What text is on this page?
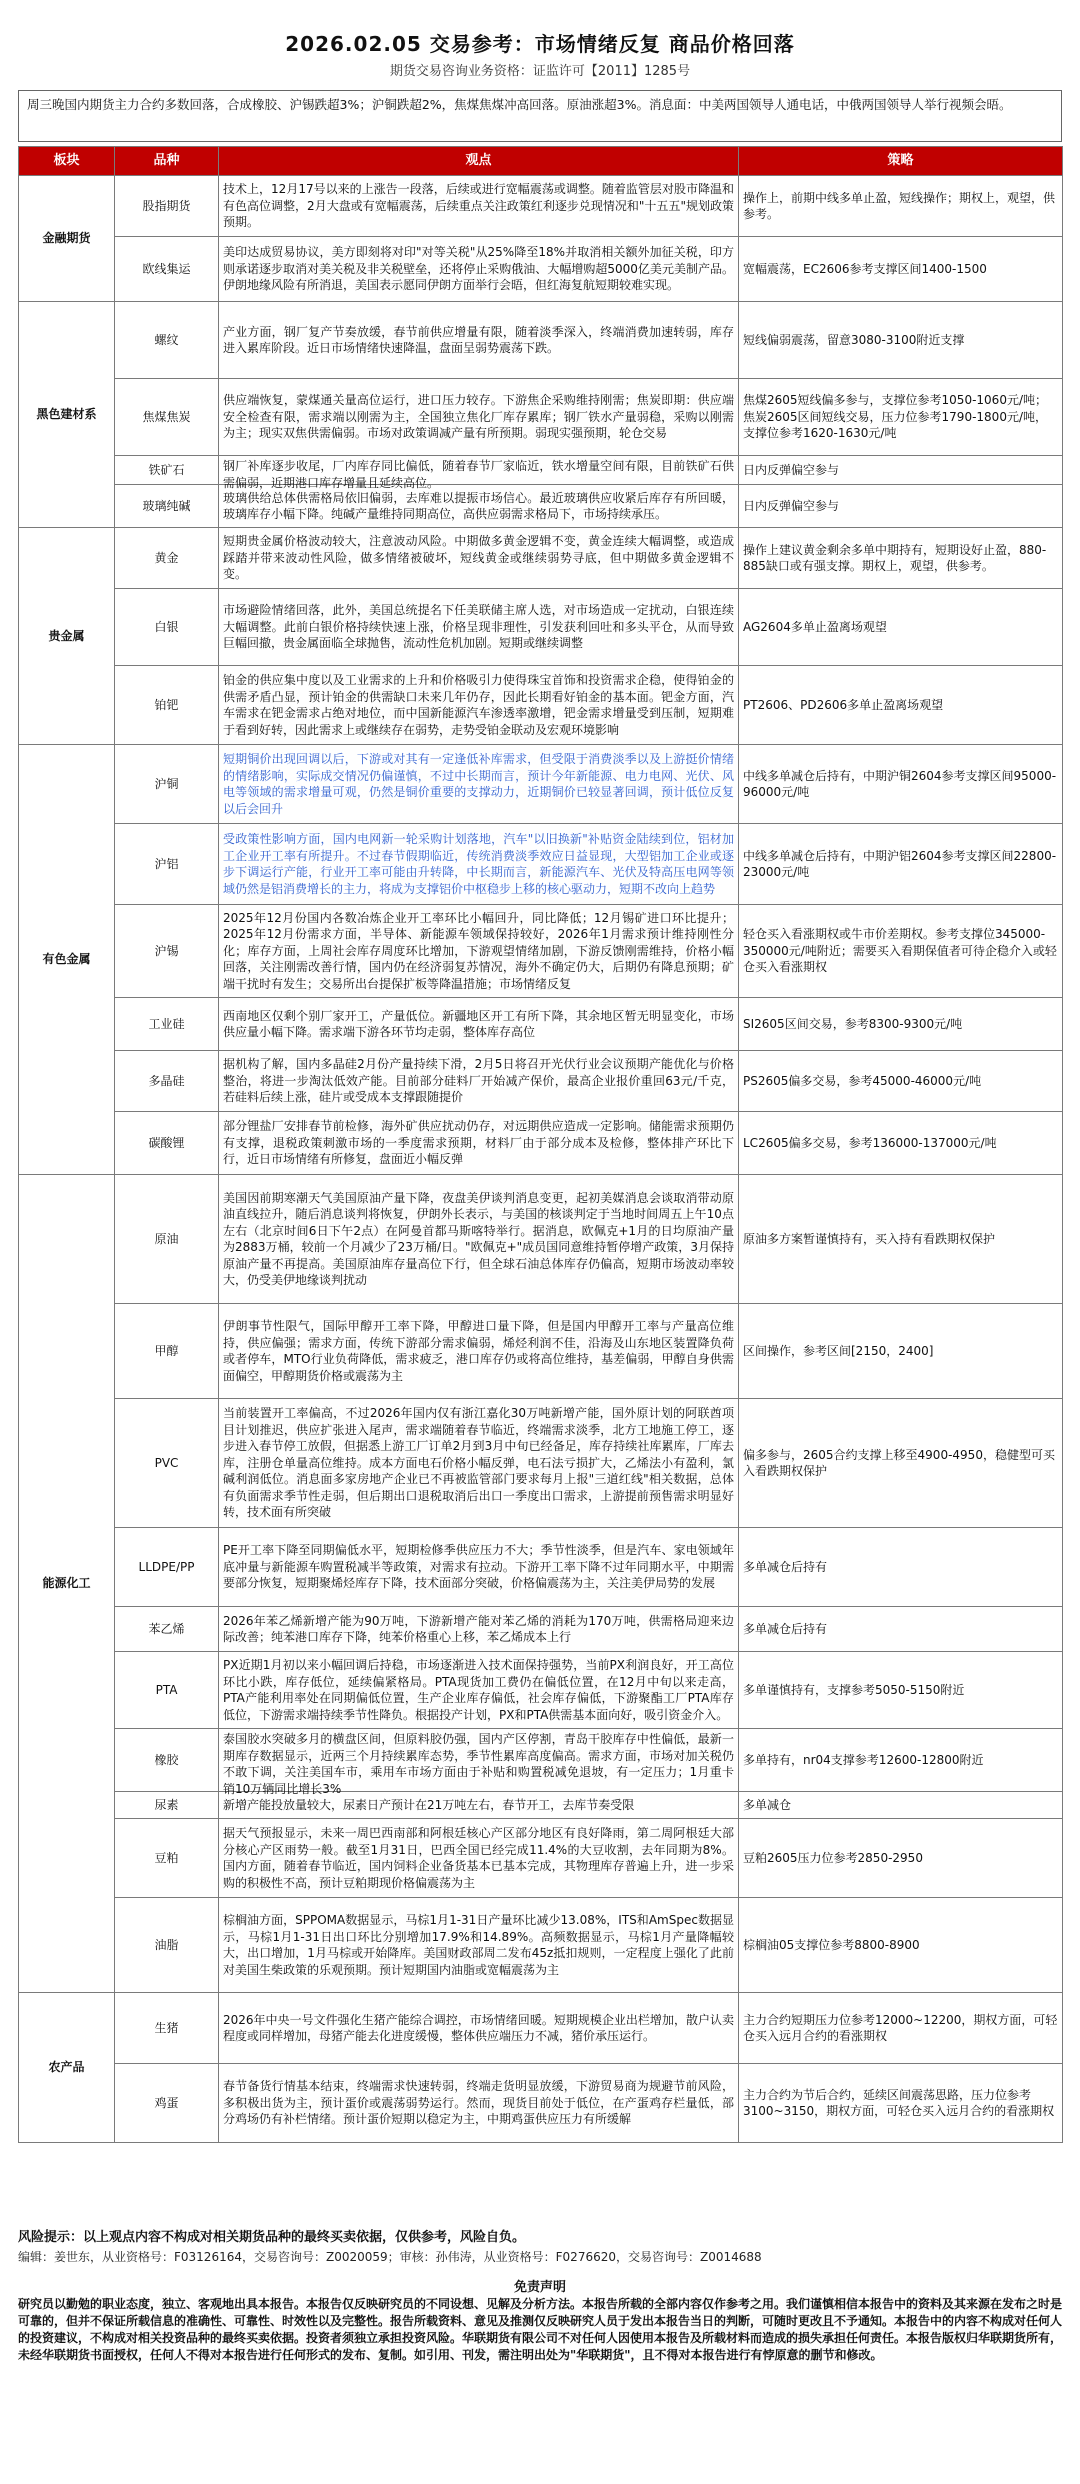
2026.02.05 交易参考：市场情绪反复 商品价格回落
期货交易咨询业务资格：证监许可【2011】1285号
周三晚国内期货主力合约多数回落，合成橡胶、沪锡跌超3%；沪铜跌超2%，焦煤焦煤冲高回落。原油涨超3%。消息面：中美两国领导人通电话，中俄两国领导人举行视频会晤。
板块	品种	观点	策略
金融期货	股指期货	技术上，12月17号以来的上涨告一段落，后续或进行宽幅震荡或调整。随着监管层对股市降温和有色高位调整，2月大盘或有宽幅震荡，后续重点关注政策红利逐步兑现情况和"十五五"规划政策预期。	操作上，前期中线多单止盈，短线操作；期权上，观望，供参考。
	欧线集运	美印达成贸易协议，美方即刻将对印"对等关税"从25%降至18%并取消相关额外加征关税，印方则承诺逐步取消对美关税及非关税壁垒，还将停止采购俄油、大幅增购超5000亿美元美制产品。伊朗地缘风险有所消退，美国表示愿同伊朗方面举行会晤，但红海复航短期较难实现。	宽幅震荡，EC2606参考支撑区间1400-1500
黑色建材系	螺纹	产业方面，钢厂复产节奏放缓，春节前供应增量有限，随着淡季深入，终端消费加速转弱，库存进入累库阶段。近日市场情绪快速降温，盘面呈弱势震荡下跌。	短线偏弱震荡，留意3080-3100附近支撑
	焦煤焦炭	供应端恢复，蒙煤通关量高位运行，进口压力较存。下游焦企采购维持刚需；焦炭即期：供应端安全检查有限，需求端以刚需为主，全国独立焦化厂库存累库；钢厂铁水产量弱稳，采购以刚需为主；现实双焦供需偏弱。市场对政策调减产量有所预期。弱现实强预期，轮仓交易	焦煤2605短线偏多参与，支撑位参考1050-1060元/吨；焦炭2605区间短线交易，压力位参考1790-1800元/吨，支撑位参考1620-1630元/吨
	铁矿石	钢厂补库逐步收尾，厂内库存同比偏低，随着春节厂家临近，铁水增量空间有限，目前铁矿石供需偏弱，近期港口库存增量且延续高位。	日内反弹偏空参与
	玻璃纯碱	玻璃供给总体供需格局依旧偏弱，去库难以提振市场信心。最近玻璃供应收紧后库存有所回暖，玻璃库存小幅下降。纯碱产量维持同期高位，高供应弱需求格局下，市场持续承压。	日内反弹偏空参与
贵金属	黄金	短期贵金属价格波动较大，注意波动风险。中期做多黄金逻辑不变，黄金连续大幅调整，或造成踩踏并带来波动性风险，做多情绪被破坏，短线黄金或继续弱势寻底，但中期做多黄金逻辑不变。	操作上建议黄金剩余多单中期持有，短期设好止盈，880-885缺口或有强支撑。期权上，观望，供参考。
	白银	市场避险情绪回落，此外，美国总统提名下任美联储主席人选，对市场造成一定扰动，白银连续大幅调整。此前白银价格持续快速上涨，价格呈现非理性，引发获利回吐和多头平仓，从而导致巨幅回撤，贵金属面临全球抛售，流动性危机加剧。短期或继续调整	AG2604多单止盈离场观望
	铂钯	铂金的供应集中度以及工业需求的上升和价格吸引力使得珠宝首饰和投资需求企稳，使得铂金的供需矛盾凸显，预计铂金的供需缺口未来几年仍存，因此长期看好铂金的基本面。钯金方面，汽车需求在钯金需求占绝对地位，而中国新能源汽车渗透率激增，钯金需求增量受到压制，短期难于看到好转，因此需求上或继续存在弱势，走势受铂金联动及宏观环境影响	PT2606、PD2606多单止盈离场观望
有色金属	沪铜	短期铜价出现回调以后，下游或对其有一定逢低补库需求，但受限于消费淡季以及上游挺价情绪的情绪影响，实际成交情况仍偏谨慎，不过中长期而言，预计今年新能源、电力电网、光伏、风电等领域的需求增量可观，仍然是铜价重要的支撑动力，近期铜价已较显著回调，预计低位反复以后会回升	中线多单减仓后持有，中期沪铜2604参考支撑区间95000-96000元/吨
	沪铝	受政策性影响方面，国内电网新一轮采购计划落地，汽车"以旧换新"补贴资金陆续到位，铝材加工企业开工率有所提升。不过春节假期临近，传统消费淡季效应日益显现，大型铝加工企业或逐步下调运行产能，行业开工率可能由升转降，中长期而言，新能源汽车、光伏及特高压电网等领域仍然是铝消费增长的主力，将成为支撑铝价中枢稳步上移的核心驱动力，短期不改向上趋势	中线多单减仓后持有，中期沪铝2604参考支撑区间22800-23000元/吨
	沪锡	2025年12月份国内各数冶炼企业开工率环比小幅回升，同比降低；12月锡矿进口环比提升；2025年12月份需求方面，半导体、新能源车领域保持较好，2026年1月需求预计维持刚性分化；库存方面，上周社会库存周度环比增加，下游观望情绪加剧，下游反馈刚需维持，价格小幅回落，关注刚需改善行情，国内仍在经济弱复苏情况，海外不确定仍大，后期仍有降息预期；矿端干扰时有发生；交易所出台提保扩板等降温措施；市场情绪反复	轻仓买入看涨期权或牛市价差期权。参考支撑位345000-350000元/吨附近；需要买入看期保值者可待企稳介入或轻仓买入看涨期权
	工业硅	西南地区仅剩个别厂家开工，产量低位。新疆地区开工有所下降，其余地区暂无明显变化，市场供应量小幅下降。需求端下游各环节均走弱，整体库存高位	SI2605区间交易，参考8300-9300元/吨
	多晶硅	据机构了解，国内多晶硅2月份产量持续下滑，2月5日将召开光伏行业会议预期产能优化与价格整治，将进一步淘汰低效产能。目前部分硅料厂开始减产保价，最高企业报价重回63元/千克，若硅料后续上涨，硅片或受成本支撑跟随提价	PS2605偏多交易，参考45000-46000元/吨
	碳酸锂	部分锂盐厂安排春节前检修，海外矿供应扰动仍存，对远期供应造成一定影响。储能需求预期仍有支撑，退税政策刺激市场的一季度需求预期，材料厂由于部分成本及检修，整体排产环比下行，近日市场情绪有所修复，盘面近小幅反弹	LC2605偏多交易，参考136000-137000元/吨
能源化工	原油	美国因前期寒潮天气美国原油产量下降，夜盘美伊谈判消息变更，起初美媒消息会谈取消带动原油直线拉升，随后消息谈判将恢复，伊朗外长表示，与美国的核谈判定于当地时间周五上午10点左右（北京时间6日下午2点）在阿曼首都马斯喀特举行。据消息，欧佩克+1月的日均原油产量为2883万桶，较前一个月减少了23万桶/日。"欧佩克+"成员国同意维持暂停增产政策，3月保持原油产量不再提高。美国原油库存量高位下行，但全球石油总体库存仍偏高，短期市场波动率较大，仍受美伊地缘谈判扰动	原油多方案暂谨慎持有，买入持有看跌期权保护
	甲醇	伊朗事节性限气，国际甲醇开工率下降，甲醇进口量下降，但是国内甲醇开工率与产量高位维持，供应偏强；需求方面，传统下游部分需求偏弱，烯烃利润不佳，沿海及山东地区装置降负荷或者停车，MTO行业负荷降低，需求疲乏，港口库存仍或将高位维持，基差偏弱，甲醇自身供需面偏空，甲醇期货价格或震荡为主	区间操作，参考区间[2150，2400]
	PVC	当前装置开工率偏高，不过2026年国内仅有浙江嘉化30万吨新增产能，国外原计划的阿联酋项目计划推迟，供应扩张进入尾声，需求端随着春节临近，终端需求淡季，北方工地施工停工，逐步进入春节停工放假，但据悉上游工厂订单2月到3月中旬已经备足，库存持续社库累库，厂库去库，注册仓单量高位维持。成本方面电石价格小幅反弹，电石法亏损扩大，乙烯法小有盈利，氯碱利润低位。消息面多家房地产企业已不再被监管部门要求每月上报"三道红线"相关数据，总体有负面需求季节性走弱，但后期出口退税取消后出口一季度出口需求，上游提前预售需求明显好转，技术面有所突破	偏多参与，2605合约支撑上移至4900-4950，稳健型可买入看跌期权保护
	LLDPE/PP	PE开工率下降至同期偏低水平，短期检修季供应压力不大；季节性淡季，但是汽车、家电领域年底冲量与新能源车购置税减半等政策，对需求有拉动。下游开工率下降不过年同期水平，中期需要部分恢复，短期聚烯烃库存下降，技术面部分突破，价格偏震荡为主，关注美伊局势的发展	多单减仓后持有
	苯乙烯	2026年苯乙烯新增产能为90万吨，下游新增产能对苯乙烯的消耗为170万吨，供需格局迎来边际改善；纯苯港口库存下降，纯苯价格重心上移，苯乙烯成本上行	多单减仓后持有
	PTA	PX近期1月初以来小幅回调后持稳，市场逐渐进入技术面保持强势，当前PX利润良好，开工高位环比小跌，库存低位，延续偏紧格局。PTA现货加工费仍在偏低位置，在12月中旬以来走高，PTA产能利用率处在同期偏低位置，生产企业库存偏低，社会库存偏低，下游聚酯工厂PTA库存低位，下游需求端持续季节性降负。根据投产计划，PX和PTA供需基本面向好，吸引资金介入。	多单谨慎持有，支撑参考5050-5150附近
	橡胶	泰国胶水突破多月的横盘区间，但原料胶仍强，国内产区停割，青岛干胶库存中性偏低，最新一期库存数据显示，近两三个月持续累库态势，季节性累库高度偏高。需求方面，市场对加关税仍不敢下调，关注美国车市，乘用车市场方面由于补贴和购置税减免退坡，有一定压力；1月重卡销10万辆同比增长3%	多单持有，nr04支撑参考12600-12800附近
	尿素	新增产能投放量较大，尿素日产预计在21万吨左右，春节开工，去库节奏受限	多单减仓
	豆粕	据天气预报显示，未来一周巴西南部和阿根廷核心产区部分地区有良好降雨，第二周阿根廷大部分核心产区雨势一般。截至1月31日，巴西全国已经完成11.4%的大豆收割，去年同期为8%。国内方面，随着春节临近，国内饲料企业备货基本已基本完成，其物理库存普遍上升，进一步采购的积极性不高，预计豆粕期现价格偏震荡为主	豆粕2605压力位参考2850-2950
	油脂	棕榈油方面，SPPOMA数据显示，马棕1月1-31日产量环比减少13.08%，ITS和AmSpec数据显示，马棕1月1-31日出口环比分别增加17.9%和14.89%。高频数据显示，马棕1月产量降幅较大，出口增加，1月马棕或开始降库。美国财政部周二发布45z抵扣规则，一定程度上强化了此前对美国生柴政策的乐观预期。预计短期国内油脂或宽幅震荡为主	棕榈油05支撑位参考8800-8900
农产品	生猪	2026年中央一号文件强化生猪产能综合调控，市场情绪回暖。短期规模企业出栏增加，散户认卖程度或同样增加，母猪产能去化进度缓慢，整体供应端压力不减，猪价承压运行。	主力合约短期压力位参考12000~12200，期权方面，可轻仓买入远月合约的看涨期权
	鸡蛋	春节备货行情基本结束，终端需求快速转弱，终端走货明显放缓，下游贸易商为规避节前风险，多积极出货为主，预计蛋价或震荡弱势运行。然而，现货目前处于低位，在产蛋鸡存栏量低，部分鸡场仍有补栏情绪。预计蛋价短期以稳定为主，中期鸡蛋供应压力有所缓解	主力合约为节后合约，延续区间震荡思路，压力位参考3100~3150，期权方面，可轻仓买入远月合约的看涨期权
风险提示：以上观点内容不构成对相关期货品种的最终买卖依据，仅供参考，风险自负。
编辑：姜世东，从业资格号：F03126164，交易咨询号：Z0020059；审核：孙伟涛，从业资格号：F0276620，交易咨询号：Z0014688
免责声明
研究员以勤勉的职业态度，独立、客观地出具本报告。本报告仅反映研究员的不同设想、见解及分析方法。本报告所载的全部内容仅作参考之用。我们谨慎相信本报告中的资料及其来源在发布之时是可靠的，但并不保证所载信息的准确性、可靠性、时效性以及完整性。报告所载资料、意见及推测仅反映研究人员于发出本报告当日的判断，可随时更改且不予通知。本报告中的内容不构成对任何人的投资建议，不构成对相关投资品种的最终买卖依据。投资者须独立承担投资风险。华联期货有限公司不对任何人因使用本报告及所载材料而造成的损失承担任何责任。本报告版权归华联期货所有，未经华联期货书面授权，任何人不得对本报告进行任何形式的发布、复制。如引用、刊发，需注明出处为"华联期货"，且不得对本报告进行有悖原意的删节和修改。
